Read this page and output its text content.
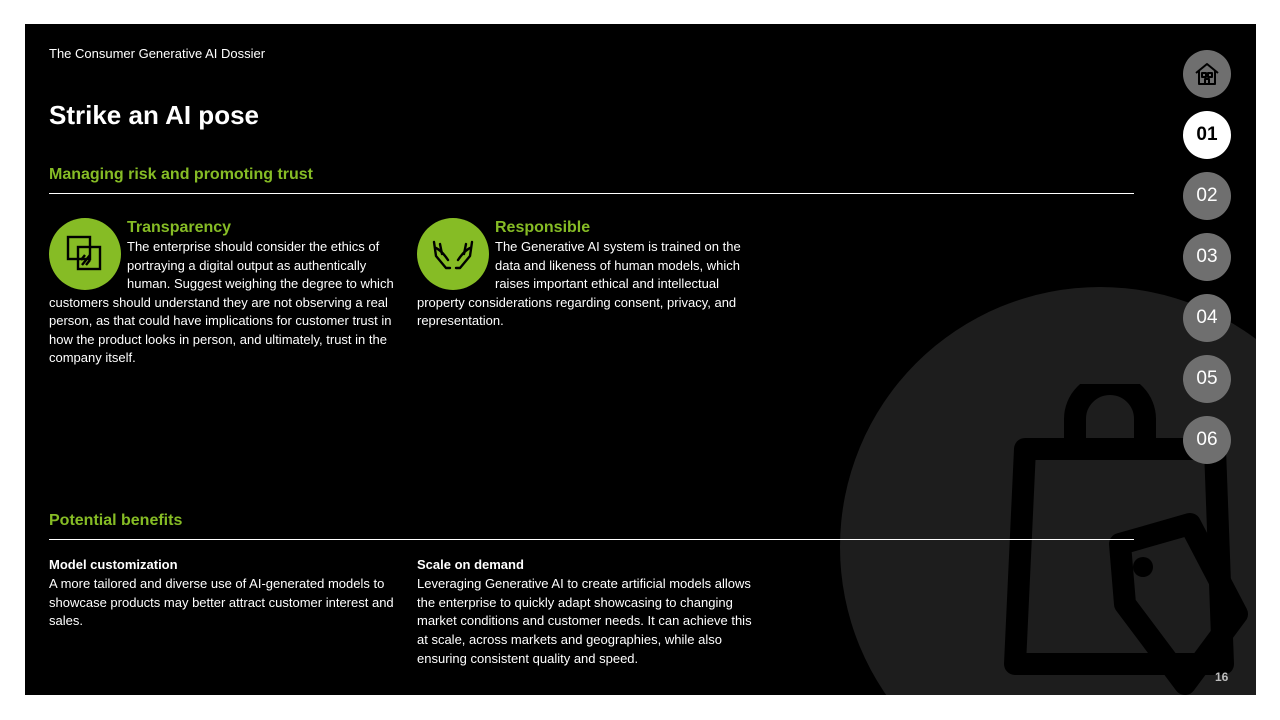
The Consumer Generative AI Dossier
Strike an AI pose
Managing risk and promoting trust
Transparency

The enterprise should consider the ethics of portraying a digital output as authentically human. Suggest weighing the degree to which customers should understand they are not observing a real person, as that could have implications for customer trust in how the product looks in person, and ultimately, trust in the company itself.

Responsible

The Generative AI system is trained on the data and likeness of human models, which raises important ethical and intellectual property considerations regarding consent, privacy, and representation.

Potential benefits
Model customization

A more tailored and diverse use of AI-generated models to showcase products may better attract customer interest and sales.

Scale on demand

Leveraging Generative AI to create artificial models allows the enterprise to quickly adapt showcasing to changing market conditions and customer needs. It can achieve this at scale, across markets and geographies, while also ensuring consistent quality and speed.

01
02
03
04
05
06
16
